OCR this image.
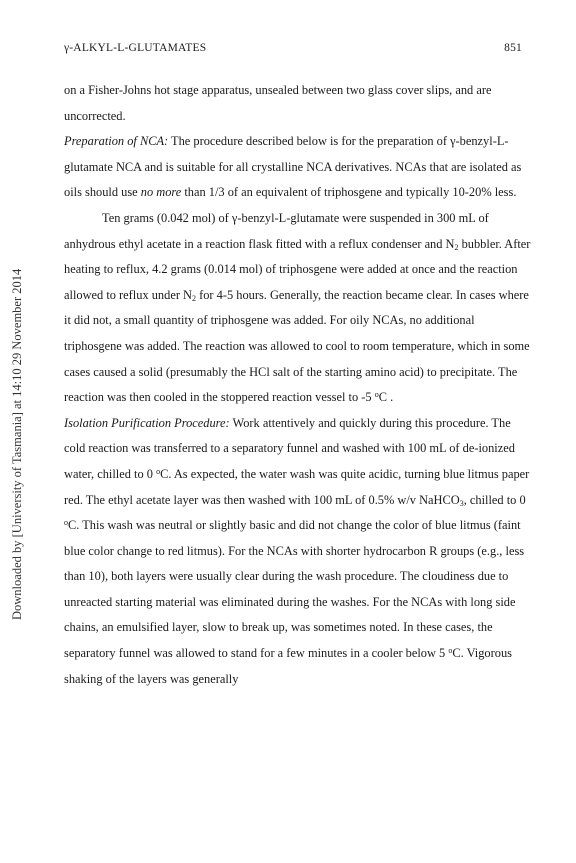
γ-ALKYL-L-GLUTAMATES	851
Downloaded by [University of Tasmania] at 14:10 29 November 2014

on a Fisher-Johns hot stage apparatus, unsealed between two glass cover slips, and are uncorrected.

Preparation of NCA: The procedure described below is for the preparation of γ-benzyl-L-glutamate NCA and is suitable for all crystalline NCA derivatives. NCAs that are isolated as oils should use no more than 1/3 of an equivalent of triphosgene and typically 10-20% less.

Ten grams (0.042 mol) of γ-benzyl-L-glutamate were suspended in 300 mL of anhydrous ethyl acetate in a reaction flask fitted with a reflux condenser and $N_2$ bubbler. After heating to reflux, 4.2 grams (0.014 mol) of triphosgene were added at once and the reaction allowed to reflux under $N_2$ for 4-5 hours. Generally, the reaction became clear. In cases where it did not, a small quantity of triphosgene was added. For oily NCAs, no additional triphosgene was added. The reaction was allowed to cool to room temperature, which in some cases caused a solid (presumably the HCl salt of the starting amino acid) to precipitate. The reaction was then cooled in the stoppered reaction vessel to -5 $^o$C .

Isolation Purification Procedure: Work attentively and quickly during this procedure. The cold reaction was transferred to a separatory funnel and washed with 100 mL of de-ionized water, chilled to 0 $^o$C. As expected, the water wash was quite acidic, turning blue litmus paper red. The ethyl acetate layer was then washed with 100 mL of 0.5% w/v NaHCO$_3$, chilled to 0 $^o$C. This wash was neutral or slightly basic and did not change the color of blue litmus (faint blue color change to red litmus). For the NCAs with shorter hydrocarbon R groups (e.g., less than 10), both layers were usually clear during the wash procedure. The cloudiness due to unreacted starting material was eliminated during the washes. For the NCAs with long side chains, an emulsified layer, slow to break up, was sometimes noted. In these cases, the separatory funnel was allowed to stand for a few minutes in a cooler below 5 $^o$C. Vigorous shaking of the layers was generally
